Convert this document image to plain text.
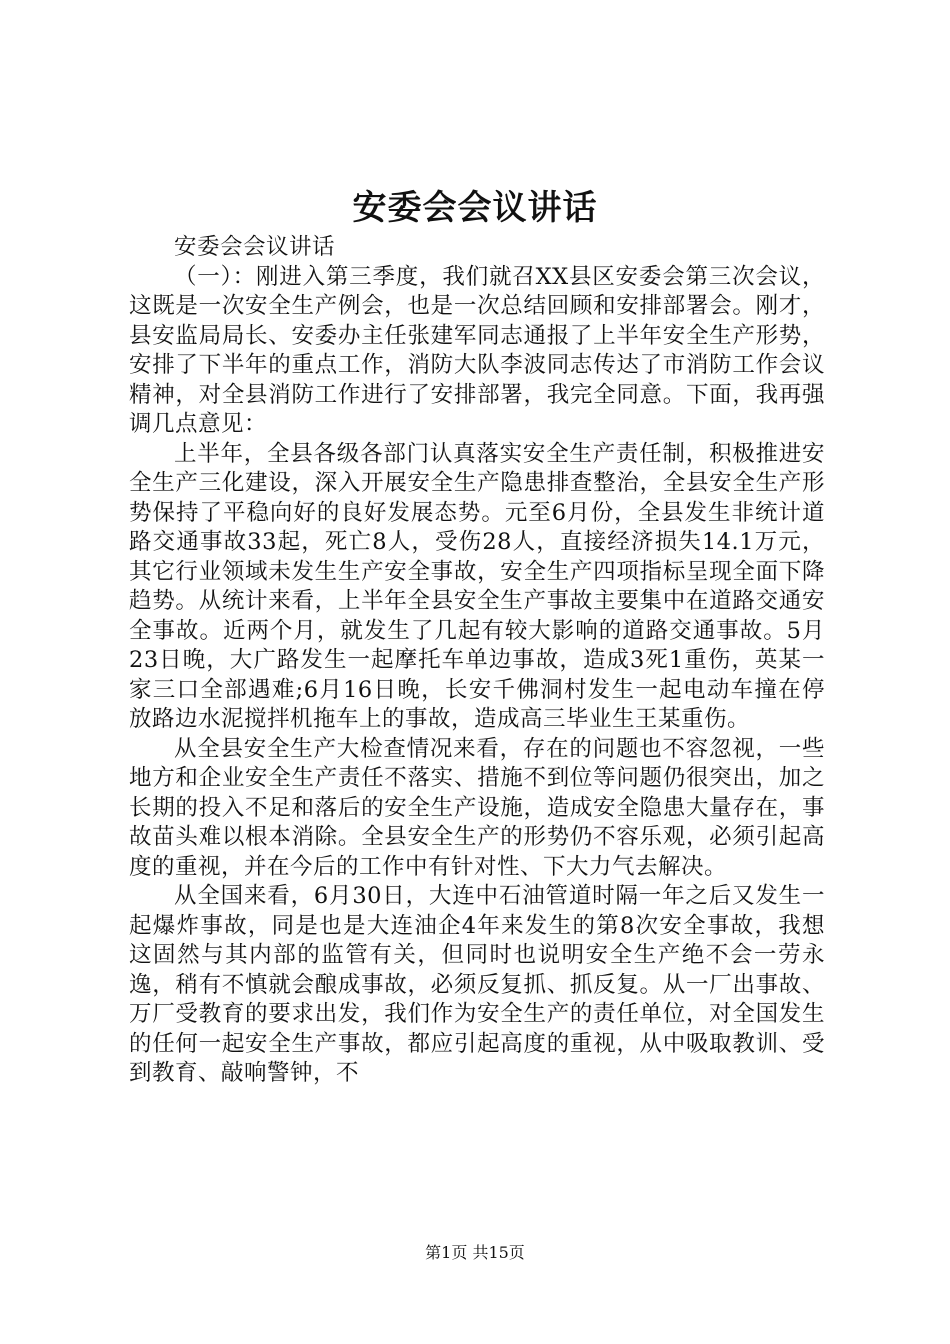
安委会会议讲话

安委会会议讲话

（一）：刚进入第三季度，我们就召XX县区安委会第三次会议，这既是一次安全生产例会，也是一次总结回顾和安排部署会。刚才，县安监局局长、安委办主任张建军同志通报了上半年安全生产形势，安排了下半年的重点工作，消防大队李波同志传达了市消防工作会议精神，对全县消防工作进行了安排部署，我完全同意。下面，我再强调几点意见：

上半年，全县各级各部门认真落实安全生产责任制，积极推进安全生产三化建设，深入开展安全生产隐患排查整治，全县安全生产形势保持了平稳向好的良好发展态势。元至6月份，全县发生非统计道路交通事故33起，死亡8人，受伤28人，直接经济损失14.1万元，其它行业领域未发生生产安全事故，安全生产四项指标呈现全面下降趋势。从统计来看，上半年全县安全生产事故主要集中在道路交通安全事故。近两个月，就发生了几起有较大影响的道路交通事故。5月23日晚，大广路发生一起摩托车单边事故，造成3死1重伤，英某一家三口全部遇难;6月16日晚，长安千佛洞村发生一起电动车撞在停放路边水泥搅拌机拖车上的事故，造成高三毕业生王某重伤。

从全县安全生产大检查情况来看，存在的问题也不容忽视，一些地方和企业安全生产责任不落实、措施不到位等问题仍很突出，加之长期的投入不足和落后的安全生产设施，造成安全隐患大量存在，事故苗头难以根本消除。全县安全生产的形势仍不容乐观，必须引起高度的重视，并在今后的工作中有针对性、下大力气去解决。

从全国来看，6月30日，大连中石油管道时隔一年之后又发生一起爆炸事故，同是也是大连油企4年来发生的第8次安全事故，我想这固然与其内部的监管有关，但同时也说明安全生产绝不会一劳永逸，稍有不慎就会酿成事故，必须反复抓、抓反复。从一厂出事故、万厂受教育的要求出发，我们作为安全生产的责任单位，对全国发生的任何一起安全生产事故，都应引起高度的重视，从中吸取教训、受到教育、敲响警钟，不

第1页 共15页
